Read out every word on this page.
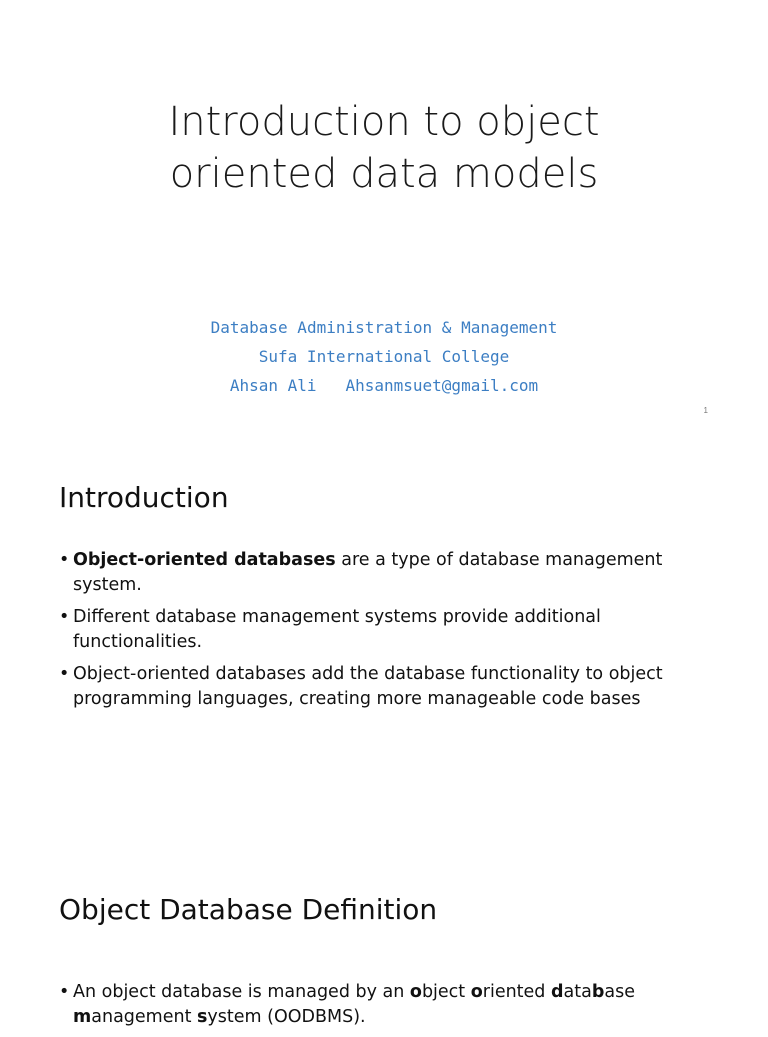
Introduction to object
oriented data models
Database Administration & Management
Sufa International College
Ahsan Ali Ahsanmsuet@gmail.com
1
Introduction
• Object-oriented databases are a type of database management system.
• Different database management systems provide additional functionalities.
• Object-oriented databases add the database functionality to object programming languages, creating more manageable code bases
Object Database Definition
• An object database is managed by an object oriented database management system (OODBMS).
